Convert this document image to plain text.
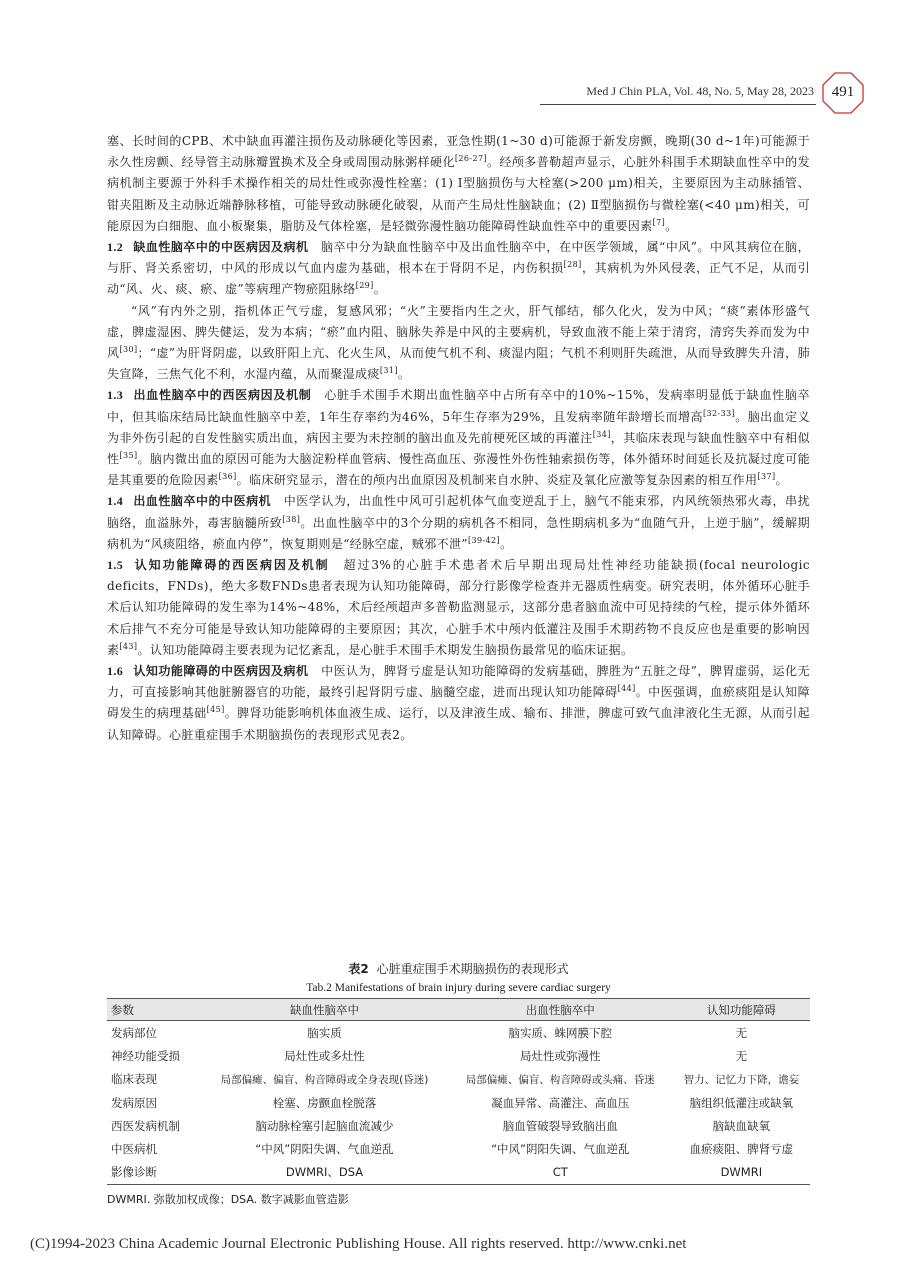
Med J Chin PLA, Vol. 48, No. 5, May 28, 2023	491

塞、长时间的CPB、术中缺血再灌注损伤及动脉硬化等因素，亚急性期(1~30 d)可能源于新发房颤，晚期(30 d~1年)可能源于永久性房颤、经导管主动脉瓣置换术及全身或周围动脉粥样硬化[26-27]。经颅多普勒超声显示，心脏外科围手术期缺血性卒中的发病机制主要源于外科手术操作相关的局灶性或弥漫性栓塞：(1) Ⅰ型脑损伤与大栓塞(>200 μm)相关，主要原因为主动脉插管、钳夹阻断及主动脉近端静脉移植，可能导致动脉硬化破裂，从而产生局灶性脑缺血；(2) Ⅱ型脑损伤与微栓塞(<40 μm)相关，可能原因为白细胞、血小板聚集，脂肪及气体栓塞，是轻微弥漫性脑功能障碍性缺血性卒中的重要因素[7]。

1.2 缺血性脑卒中的中医病因及病机　脑卒中分为缺血性脑卒中及出血性脑卒中，在中医学领域，属“中风”。中风其病位在脑，与肝、肾关系密切，中风的形成以气血内虚为基础，根本在于肾阴不足，内伤积损[28]，其病机为外风侵袭，正气不足，从而引动“风、火、痰、瘀、虚”等病理产物瘀阻脉络[29]。

“风”有内外之别，指机体正气亏虚，复感风邪；“火”主要指内生之火，肝气郁结，郁久化火，发为中风；“痰”素体形盛气虚，脾虚湿困、脾失健运，发为本病；“瘀”血内阻、脑脉失养是中风的主要病机，导致血液不能上荣于清窍，清窍失养而发为中风[30]；“虚”为肝肾阴虚，以致肝阳上亢、化火生风，从而使气机不利、痰湿内阻；气机不利则肝失疏泄，从而导致脾失升清，肺失宣降，三焦气化不利，水湿内蕴，从而聚湿成痰[31]。

1.3 出血性脑卒中的西医病因及机制　心脏手术围手术期出血性脑卒中占所有卒中的10%~15%，发病率明显低于缺血性脑卒中，但其临床结局比缺血性脑卒中差，1年生存率约为46%，5年生存率为29%，且发病率随年龄增长而增高[32-33]。脑出血定义为非外伤引起的自发性脑实质出血，病因主要为未控制的脑出血及先前梗死区域的再灌注[34]，其临床表现与缺血性脑卒中有相似性[35]。脑内微出血的原因可能为大脑淀粉样血管病、慢性高血压、弥漫性外伤性轴索损伤等，体外循环时间延长及抗凝过度可能是其重要的危险因素[36]。临床研究显示，潜在的颅内出血原因及机制来自水肿、炎症及氧化应激等复杂因素的相互作用[37]。

1.4 出血性脑卒中的中医病机　中医学认为，出血性中风可引起机体气血变逆乱于上，脑气不能束邪，内风统领热邪火毒，串扰脑络，血溢脉外，毒害脑髓所致[38]。出血性脑卒中的3个分期的病机各不相同，急性期病机多为“血随气升，上逆于脑”，缓解期病机为“风痰阻络，瘀血内停”，恢复期则是“经脉空虚，贼邪不泄”[39-42]。

1.5 认知功能障碍的西医病因及机制　超过3%的心脏手术患者术后早期出现局灶性神经功能缺损(focal neurologic deficits，FNDs)，绝大多数FNDs患者表现为认知功能障碍，部分行影像学检查并无器质性病变。研究表明，体外循环心脏手术后认知功能障碍的发生率为14%~48%，术后经颅超声多普勒监测显示，这部分患者脑血流中可见持续的气栓，提示体外循环术后排气不充分可能是导致认知功能障碍的主要原因；其次，心脏手术中颅内低灌注及围手术期药物不良反应也是重要的影响因素[43]。认知功能障碍主要表现为记忆紊乱，是心脏手术围手术期发生脑损伤最常见的临床证据。

1.6 认知功能障碍的中医病因及病机　中医认为，脾肾亏虚是认知功能障碍的发病基础，脾胜为“五脏之母”，脾胃虚弱，运化无力，可直接影响其他脏腑器官的功能，最终引起肾阴亏虚、脑髓空虚，进而出现认知功能障碍[44]。中医强调，血瘀痰阻是认知障碍发生的病理基础[45]。脾肾功能影响机体血液生成、运行，以及津液生成、输布、排泄，脾虚可致气血津液化生无源，从而引起认知障碍。心脏重症围手术期脑损伤的表现形式见表2。

表2 心脏重症围手术期脑损伤的表现形式
Tab.2 Manifestations of brain injury during severe cardiac surgery
参数	缺血性脑卒中	出血性脑卒中	认知功能障碍
发病部位	脑实质	脑实质、蛛网膜下腔	无
神经功能受损	局灶性或多灶性	局灶性或弥漫性	无
临床表现	局部偏瘫、偏盲、构音障碍或全身表现(昏迷)	局部偏瘫、偏盲、构音障碍或头痛、昏迷	智力、记忆力下降，谵妄
发病原因	栓塞、房颤血栓脱落	凝血异常、高灌注、高血压	脑组织低灌注或缺氧
西医发病机制	脑动脉栓塞引起脑血流减少	脑血管破裂导致脑出血	脑缺血缺氧
中医病机	“中风”阴阳失调、气血逆乱	“中风”阴阳失调、气血逆乱	血瘀痰阻、脾肾亏虚
影像诊断	DWMRI、DSA	CT	DWMRI
DWMRI. 弥散加权成像；DSA. 数字减影血管造影
(C)1994-2023 China Academic Journal Electronic Publishing House. All rights reserved. http://www.cnki.net
